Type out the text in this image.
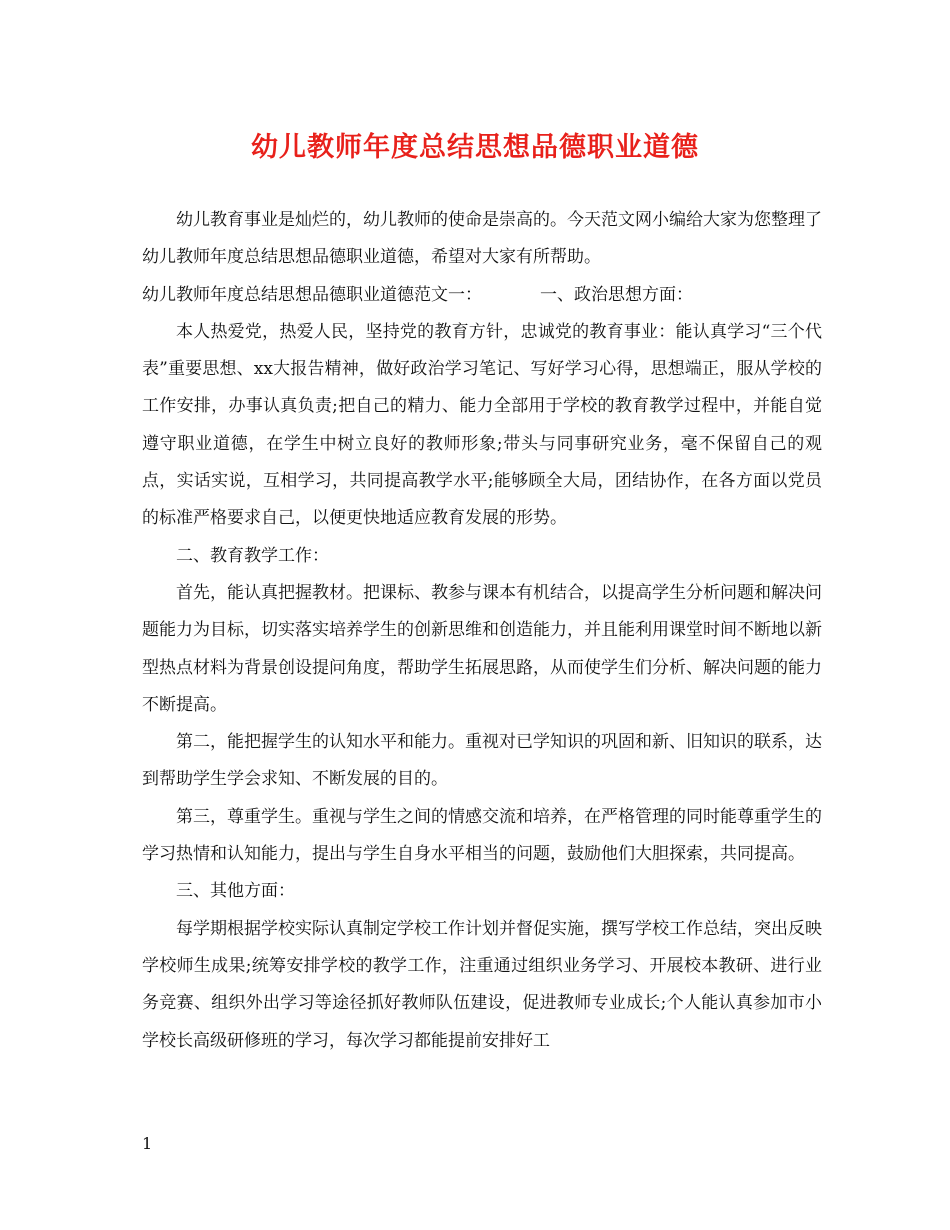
幼儿教师年度总结思想品德职业道德

幼儿教育事业是灿烂的，幼儿教师的使命是崇高的。今天范文网小编给大家为您整理了幼儿教师年度总结思想品德职业道德，希望对大家有所帮助。

幼儿教师年度总结思想品德职业道德范文一：	一、政治思想方面：

本人热爱党，热爱人民，坚持党的教育方针，忠诚党的教育事业：能认真学习“三个代表”重要思想、xx大报告精神，做好政治学习笔记、写好学习心得，思想端正，服从学校的工作安排，办事认真负责;把自己的精力、能力全部用于学校的教育教学过程中，并能自觉遵守职业道德，在学生中树立良好的教师形象;带头与同事研究业务，毫不保留自己的观点，实话实说，互相学习，共同提高教学水平;能够顾全大局，团结协作，在各方面以党员的标准严格要求自己，以便更快地适应教育发展的形势。

二、教育教学工作：

首先，能认真把握教材。把课标、教参与课本有机结合，以提高学生分析问题和解决问题能力为目标，切实落实培养学生的创新思维和创造能力，并且能利用课堂时间不断地以新型热点材料为背景创设提问角度，帮助学生拓展思路，从而使学生们分析、解决问题的能力不断提高。

第二，能把握学生的认知水平和能力。重视对已学知识的巩固和新、旧知识的联系，达到帮助学生学会求知、不断发展的目的。

第三，尊重学生。重视与学生之间的情感交流和培养，在严格管理的同时能尊重学生的学习热情和认知能力，提出与学生自身水平相当的问题，鼓励他们大胆探索，共同提高。

三、其他方面：

每学期根据学校实际认真制定学校工作计划并督促实施，撰写学校工作总结，突出反映学校师生成果;统筹安排学校的教学工作，注重通过组织业务学习、开展校本教研、进行业务竞赛、组织外出学习等途径抓好教师队伍建设，促进教师专业成长;个人能认真参加市小学校长高级研修班的学习，每次学习都能提前安排好工

1
